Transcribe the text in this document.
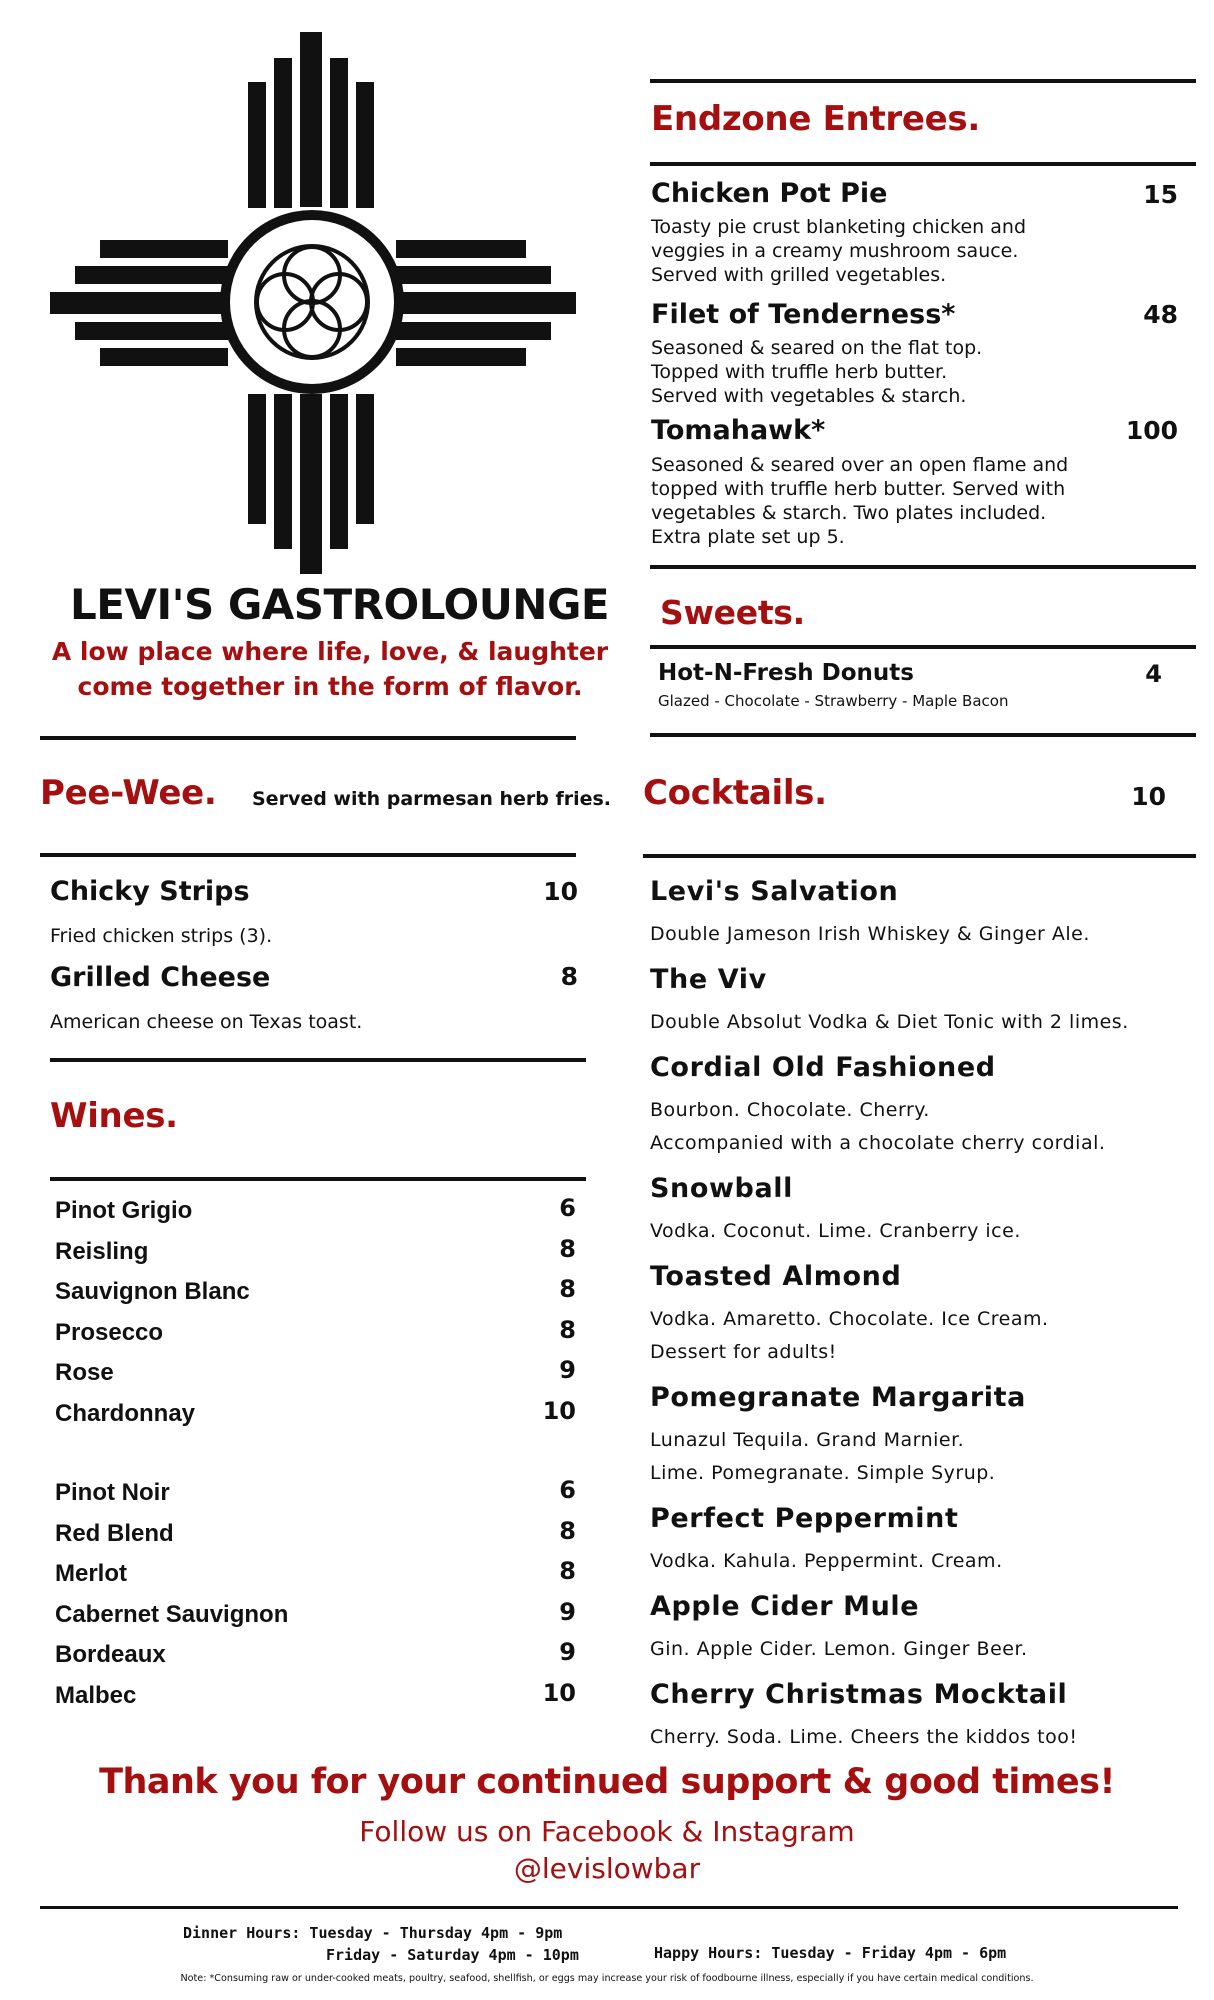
LEVI'S GASTROLOUNGE
A low place where life, love, & laughter
come together in the form of flavor.
Pee-Wee. Served with parmesan herb fries.
Chicky Strips	10
Fried chicken strips (3).
Grilled Cheese	8
American cheese on Texas toast.
Wines.
Pinot Grigio	6
Reisling	8
Sauvignon Blanc	8
Prosecco	8
Rose	9
Chardonnay	10
Pinot Noir	6
Red Blend	8
Merlot	8
Cabernet Sauvignon	9
Bordeaux	9
Malbec	10
Endzone Entrees.
Chicken Pot Pie	15
Toasty pie crust blanketing chicken and
veggies in a creamy mushroom sauce.
Served with grilled vegetables.
Filet of Tenderness*	48
Seasoned & seared on the flat top.
Topped with truffle herb butter.
Served with vegetables & starch.
Tomahawk*	100
Seasoned & seared over an open flame and
topped with truffle herb butter. Served with
vegetables & starch. Two plates included.
Extra plate set up 5.
Sweets.
Hot-N-Fresh Donuts	4
Glazed - Chocolate - Strawberry - Maple Bacon
Cocktails.	10
Levi's Salvation
Double Jameson Irish Whiskey & Ginger Ale.
The Viv
Double Absolut Vodka & Diet Tonic with 2 limes.
Cordial Old Fashioned
Bourbon. Chocolate. Cherry.
Accompanied with a chocolate cherry cordial.
Snowball
Vodka. Coconut. Lime. Cranberry ice.
Toasted Almond
Vodka. Amaretto. Chocolate. Ice Cream.
Dessert for adults!
Pomegranate Margarita
Lunazul Tequila. Grand Marnier.
Lime. Pomegranate. Simple Syrup.
Perfect Peppermint
Vodka. Kahula. Peppermint. Cream.
Apple Cider Mule
Gin. Apple Cider. Lemon. Ginger Beer.
Cherry Christmas Mocktail
Cherry. Soda. Lime. Cheers the kiddos too!
Thank you for your continued support & good times!
Follow us on Facebook & Instagram
@levislowbar
Dinner Hours: Tuesday - Thursday 4pm - 9pm
Friday - Saturday 4pm - 10pm	Happy Hours: Tuesday - Friday 4pm - 6pm
Note: *Consuming raw or under-cooked meats, poultry, seafood, shellfish, or eggs may increase your risk of foodbourne illness, especially if you have certain medical conditions.
